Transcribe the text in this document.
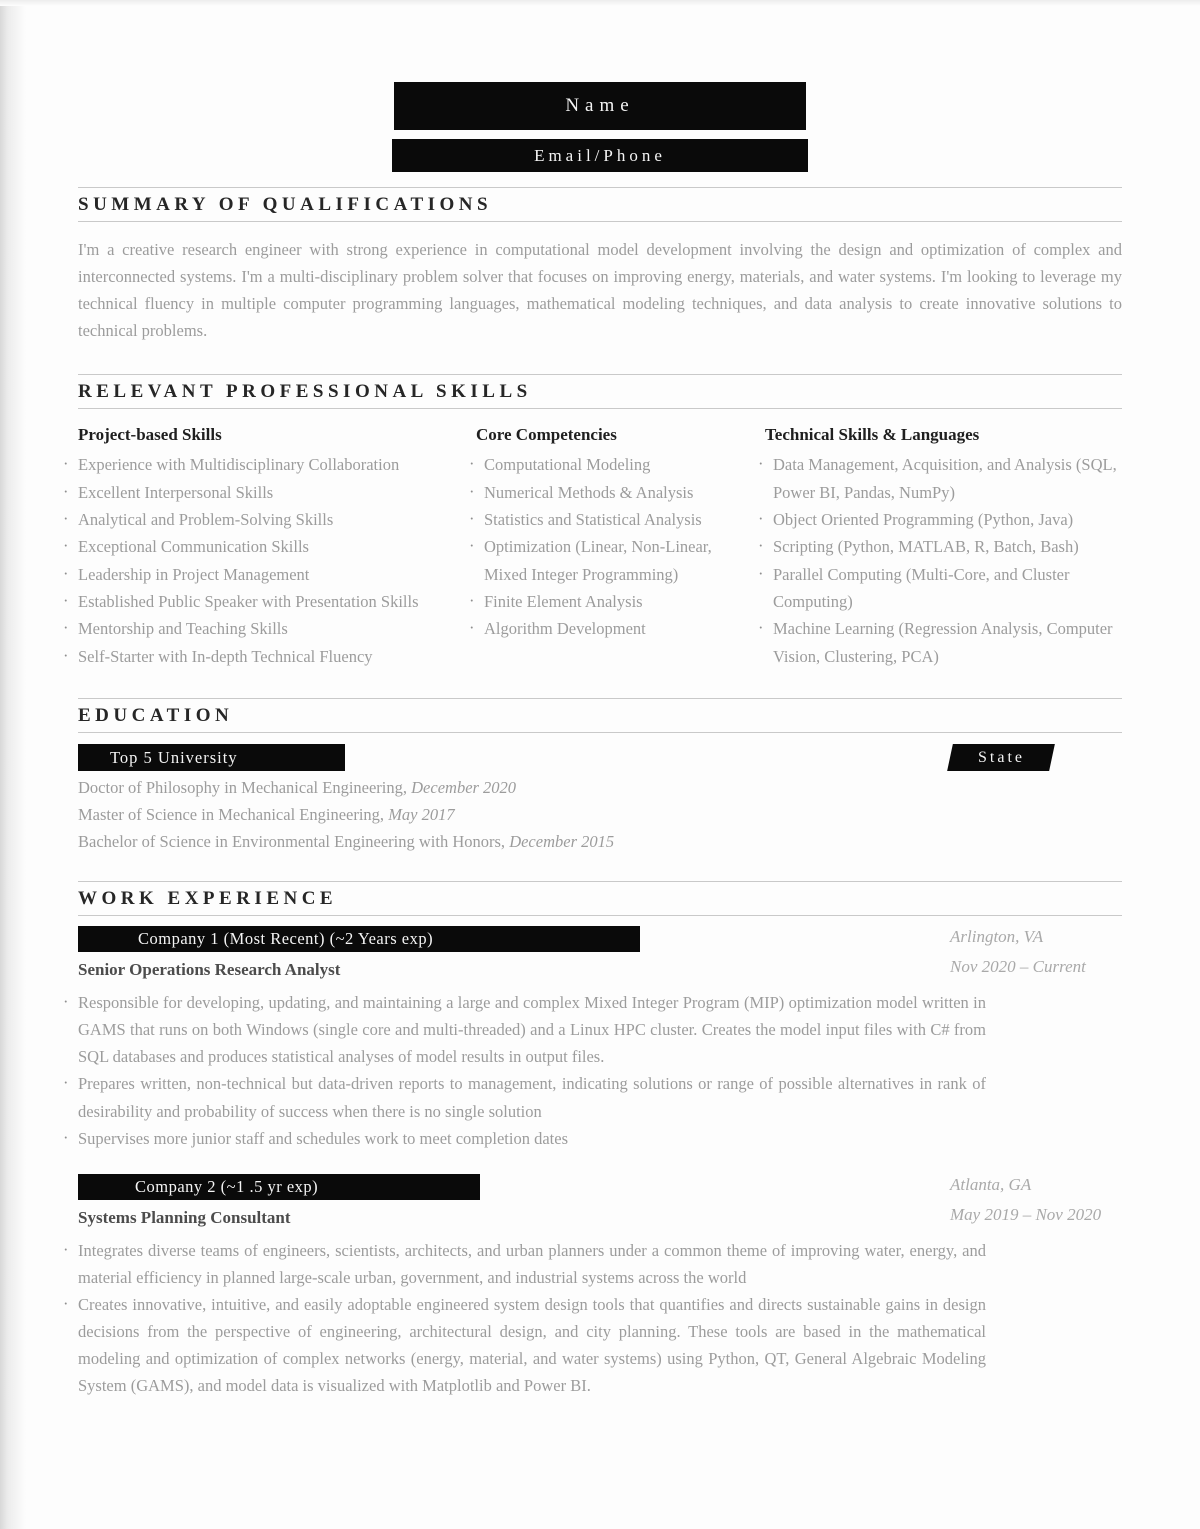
Name
Email/Phone
SUMMARY OF QUALIFICATIONS

I'm a creative research engineer with strong experience in computational model development involving the design and optimization of complex and interconnected systems. I'm a multi-disciplinary problem solver that focuses on improving energy, materials, and water systems. I'm looking to leverage my technical fluency in multiple computer programming languages, mathematical modeling techniques, and data analysis to create innovative solutions to technical problems.

RELEVANT PROFESSIONAL SKILLS
Project-based Skills
· Experience with Multidisciplinary Collaboration
· Excellent Interpersonal Skills
· Analytical and Problem-Solving Skills
· Exceptional Communication Skills
· Leadership in Project Management
· Established Public Speaker with Presentation Skills
· Mentorship and Teaching Skills
· Self-Starter with In-depth Technical Fluency
Core Competencies
· Computational Modeling
· Numerical Methods & Analysis
· Statistics and Statistical Analysis
· Optimization (Linear, Non-Linear, Mixed Integer Programming)
· Finite Element Analysis
· Algorithm Development
Technical Skills & Languages
· Data Management, Acquisition, and Analysis (SQL, Power BI, Pandas, NumPy)
· Object Oriented Programming (Python, Java)
· Scripting (Python, MATLAB, R, Batch, Bash)
· Parallel Computing (Multi-Core, and Cluster Computing)
· Machine Learning (Regression Analysis, Computer Vision, Clustering, PCA)
EDUCATION
Top 5 University	State
Doctor of Philosophy in Mechanical Engineering, December 2020
Master of Science in Mechanical Engineering, May 2017
Bachelor of Science in Environmental Engineering with Honors, December 2015
WORK EXPERIENCE
Company 1 (Most Recent) (~2 Years exp)	Arlington, VA
Senior Operations Research Analyst	Nov 2020 – Current
· Responsible for developing, updating, and maintaining a large and complex Mixed Integer Program (MIP) optimization model written in GAMS that runs on both Windows (single core and multi-threaded) and a Linux HPC cluster. Creates the model input files with C# from SQL databases and produces statistical analyses of model results in output files.
· Prepares written, non-technical but data-driven reports to management, indicating solutions or range of possible alternatives in rank of desirability and probability of success when there is no single solution
· Supervises more junior staff and schedules work to meet completion dates
Company 2 (~1 .5 yr exp)	Atlanta, GA
Systems Planning Consultant	May 2019 – Nov 2020
· Integrates diverse teams of engineers, scientists, architects, and urban planners under a common theme of improving water, energy, and material efficiency in planned large-scale urban, government, and industrial systems across the world
· Creates innovative, intuitive, and easily adoptable engineered system design tools that quantifies and directs sustainable gains in design decisions from the perspective of engineering, architectural design, and city planning. These tools are based in the mathematical modeling and optimization of complex networks (energy, material, and water systems) using Python, QT, General Algebraic Modeling System (GAMS), and model data is visualized with Matplotlib and Power BI.
